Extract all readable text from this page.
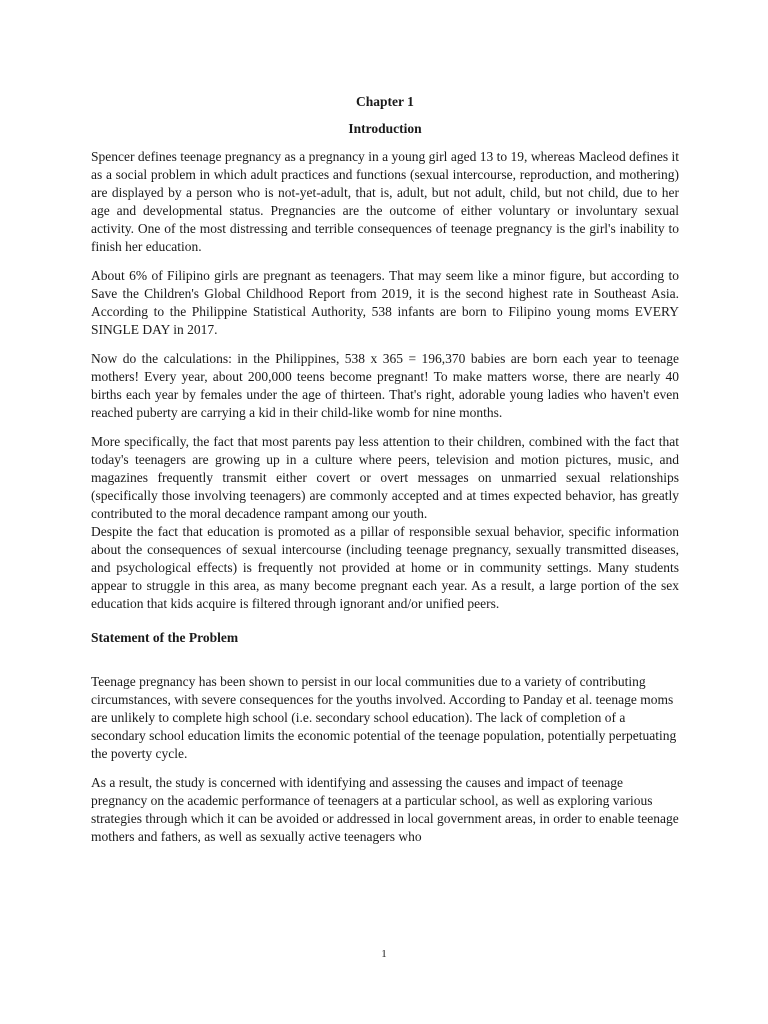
Chapter 1
Introduction

Spencer defines teenage pregnancy as a pregnancy in a young girl aged 13 to 19, whereas Macleod defines it as a social problem in which adult practices and functions (sexual intercourse, reproduction, and mothering) are displayed by a person who is not-yet-adult, that is, adult, but not adult, child, but not child, due to her age and developmental status. Pregnancies are the outcome of either voluntary or involuntary sexual activity. One of the most distressing and terrible consequences of teenage pregnancy is the girl's inability to finish her education.

About 6% of Filipino girls are pregnant as teenagers. That may seem like a minor figure, but according to Save the Children's Global Childhood Report from 2019, it is the second highest rate in Southeast Asia. According to the Philippine Statistical Authority, 538 infants are born to Filipino young moms EVERY SINGLE DAY in 2017.

Now do the calculations: in the Philippines, 538 x 365 = 196,370 babies are born each year to teenage mothers! Every year, about 200,000 teens become pregnant! To make matters worse, there are nearly 40 births each year by females under the age of thirteen. That's right, adorable young ladies who haven't even reached puberty are carrying a kid in their child-like womb for nine months.

More specifically, the fact that most parents pay less attention to their children, combined with the fact that today's teenagers are growing up in a culture where peers, television and motion pictures, music, and magazines frequently transmit either covert or overt messages on unmarried sexual relationships (specifically those involving teenagers) are commonly accepted and at times expected behavior, has greatly contributed to the moral decadence rampant among our youth.

Despite the fact that education is promoted as a pillar of responsible sexual behavior, specific information about the consequences of sexual intercourse (including teenage pregnancy, sexually transmitted diseases, and psychological effects) is frequently not provided at home or in community settings. Many students appear to struggle in this area, as many become pregnant each year. As a result, a large portion of the sex education that kids acquire is filtered through ignorant and/or unified peers.

Statement of the Problem

Teenage pregnancy has been shown to persist in our local communities due to a variety of contributing circumstances, with severe consequences for the youths involved. According to Panday et al. teenage moms are unlikely to complete high school (i.e. secondary school education). The lack of completion of a secondary school education limits the economic potential of the teenage population, potentially perpetuating the poverty cycle.

As a result, the study is concerned with identifying and assessing the causes and impact of teenage pregnancy on the academic performance of teenagers at a particular school, as well as exploring various strategies through which it can be avoided or addressed in local government areas, in order to enable teenage mothers and fathers, as well as sexually active teenagers who

1
